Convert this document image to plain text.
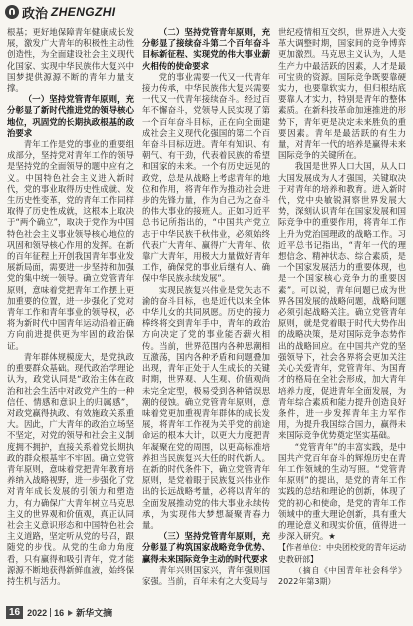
政治 ZHENGZHI

根基；更好地保障青年健康成长发展，激发广大青年的积极性主动性创造性，为全面建设社会主义现代化国家、实现中华民族伟大复兴中国梦提供源源不断的青年力量支撑。

（一）坚持党管青年原则，充分彰显了新时代推进党的领导核心地位，巩固党的长期执政根基的政治要求

青年工作是党的事业的重要组成部分，坚持党对青年工作的领导是坚持党的全面领导的题中应有之义。中国特色社会主义进入新时代，党的事业取得历史性成就、发生历史性变革，党的青年工作同样取得了历史性成就，这根本上取决于“两个确立”，取决于党作为中国特色社会主义事业领导核心地位的巩固和领导核心作用的发挥。在新的百年征程上开创我国青年事业发展新局面，需要进一步坚持和加强党的集中统一领导。确立党管青年原则，意味着党把青年工作摆上更加重要的位置，进一步强化了党对青年工作和青年事业的领导权，必将为新时代中国青年运动沿着正确方向前进提供更为牢固的政治保证。

青年群体规模庞大，是党执政的重要群众基础。现代政治学理论认为，政党认同是“政治主体在政治和社会生活中对政党产生的一种信任、情感和意识上的归属感”，对政党赢得执政、有效施政关系重大。因此，广大青年的政治立场坚不坚定，对党的领导和社会主义制度拥不拥护，直接关系着党长期执政的群众根基牢不牢固。确立党管青年原则，意味着党把青年教育培养纳入战略视野，进一步强化了党对青年成长发展的引领力和塑造力，有力确保广大青年树立马克思主义的世界观和价值观，真正认同社会主义意识形态和中国特色社会主义道路，坚定听从党的号召，跟随党的步伐。从党的生命力角度看，只有赢得和吸引青年，党才能源源不断地获得新鲜血液，始终保持生机与活力。

（二）坚持党管青年原则，充分彰显了接续奋斗第二个百年奋斗目标新征程、实现党的伟大事业薪火相传的使命要求

党的事业需要一代又一代青年接力传承，中华民族伟大复兴需要一代又一代青年接续奋斗。经过百年不懈奋斗，党领导人民实现了第一个百年奋斗目标，正在向全面建成社会主义现代化强国的第二个百年奋斗目标迈进。青年有知识、有朝气、有干劲，代表着民族的希望和国家的未来。一个有历史远见的政党，总是从战略上考虑青年的地位和作用，将青年作为推动社会进步的先锋力量，作为自己为之奋斗的伟大事业的接班人。正如习近平总书记所指出的，“中国共产党立志于中华民族千秋伟业，必须始终代表广大青年、赢得广大青年、依靠广大青年，用极大力量做好青年工作，确保党的事业后继有人、确保中华民族永续发展”。

实现民族复兴伟业是党矢志不渝的奋斗目标，也是近代以来全体中华儿女的共同夙愿。历史的接力棒终将交到青年手中，青年的政治方向决定了党的事业能否薪火相传。当前，世界范围内各种思潮相互激荡，国内各种矛盾和问题叠加出现，青年正处于人生成长的关键时期，世界观、人生观、价值观尚未完全定型，极易受到各种错误思潮的侵蚀。确立党管青年原则，意味着党更加重视青年群体的成长发展，将青年工作视为关乎党的前途命运的根本大计，以更大力度把青年凝聚在党的周围，以更高标准培养担当民族复兴大任的时代新人。在新的时代条件下，确立党管青年原则，是党着眼于民族复兴伟业作出的长远战略考量，必将以青年的全面发展推动党的伟大事业永续传承，为实现伟大梦想凝聚青春力量。

（三）坚持党管青年原则，充分彰显了构筑国家战略竞争优势、赢得未来国际竞争主动的时代要求

青年兴则国家兴，青年强则国家强。当前，百年未有之大变局与

世纪疫情相互交织，世界进入大变革大调整时期，国家间的竞争博弈更加激烈。马克思主义认为，人是生产力中最活跃的因素，人才是最可宝贵的资源。国际竞争既要靠硬实力，也要靠软实力，但归根结底要靠人才实力，特别是青年的整体素质。在新科技革命加速推进的形势下，青年更是决定未来胜负的重要因素。青年是最活跃的有生力量，对青年一代的培养是赢得未来国际竞争的关键所在。

我国是世界人口大国，从人口大国发展成为人才强国，关键取决于对青年的培养和教育。进入新时代，党中央敏锐洞察世界发展大势，深刻认识青年在国家发展和国际竞争中的重要作用，将青年工作上升为党治国理政的战略工作。习近平总书记指出，“青年一代的理想信念、精神状态、综合素质，是一个国家发展活力的重要体现，也是一个国家核心竞争力的重要因素”。可以说，青年问题已成为世界各国发展的战略问题，战略问题必须引起战略关注。确立党管青年原则，就是党着眼于时代大势作出的战略决策，是对国际竞争态势作出的战略回应。在中国共产党的坚强领导下，社会各界将会更加关注关心关爱青年，党管青年、为国育才的格局在全社会形成，加大青年培养力度，促进青年全面发展，为青年综合素质和能力提升创造良好条件，进一步发挥青年主力军作用，为提升我国综合国力，赢得未来国际竞争优势奠定坚实基础。

“党管青年”的丰富实践，是中国共产党百年奋斗的辉煌历史在青年工作领域的生动写照。“党管青年原则”的提出，是党的青年工作实践的总结和理论的创新，体现了党的初心和使命，是党的青年工作领域中的重大理论创新，具有重大的理论意义和现实价值，值得进一步深入研究。★

【作者单位：中央团校党的青年运动史教研部】

（摘自《中国青年社会科学》2022年第3期）

16 2022 16 新华文摘
